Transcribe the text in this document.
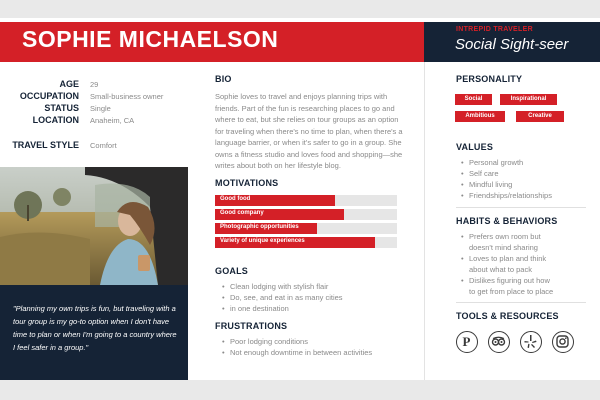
SOPHIE MICHAELSON	INTREPID TRAVELER
Social Sight-seer
AGE 29
OCCUPATION Small-business owner
STATUS Single
LOCATION Anaheim, CA
TRAVEL STYLE Comfort
"Planning my own trips is fun, but traveling with a tour group is my go-to option when I don't have time to plan or when I'm going to a country where I feel safer in a group."
BIO
Sophie loves to travel and enjoys planning trips with friends. Part of the fun is researching places to go and where to eat, but she relies on tour groups as an option for traveling when there's no time to plan, when there's a language barrier, or when it's safer to go in a group. She owns a fitness studio and loves food and shopping—she writes about both on her lifestyle blog.
MOTIVATIONS
Good food
Good company
Photographic opportunities
Variety of unique experiences
GOALS
• Clean lodging with stylish flair
• Do, see, and eat in as many cities
• in one destination
FRUSTRATIONS
• Poor lodging conditions
• Not enough downtime in between activities
PERSONALITY
Social	Inspirational
Ambitious	Creative
VALUES
• Personal growth
• Self care
• Mindful living
• Friendships/relationships
HABITS & BEHAVIORS
• Prefers own room but
doesn't mind sharing
• Loves to plan and think
about what to pack
• Dislikes figuring out how
to get from place to place
TOOLS & RESOURCES
P
